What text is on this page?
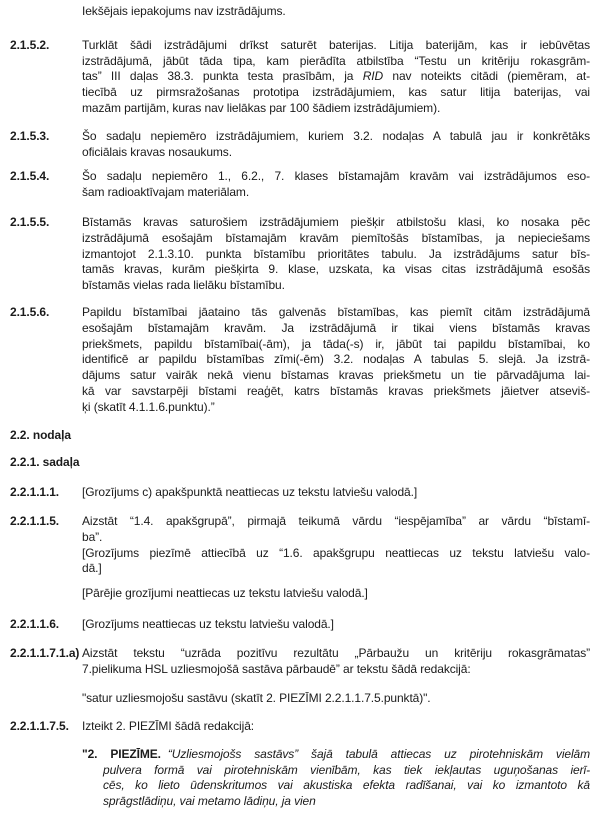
Iekšējais iepakojums nav izstrādājums.
2.1.5.2.	Turklāt šādi izstrādājumi drīkst saturēt baterijas. Litija baterijām, kas ir iebūvētas
izstrādājumā, jābūt tāda tipa, kam pierādīta atbilstība “Testu un kritēriju rokasgrām-
tas” III daļas 38.3. punkta testa prasībām, ja RID nav noteikts citādi (piemēram, at-
tiecībā uz pirmsražošanas prototipa izstrādājumiem, kas satur litija baterijas, vai
mazām partijām, kuras nav lielākas par 100 šādiem izstrādājumiem).
2.1.5.3.	Šo sadaļu nepiemēro izstrādājumiem, kuriem 3.2. nodaļas A tabulā jau ir konkrētāks
oficiālais kravas nosaukums.
2.1.5.4.	Šo sadaļu nepiemēro 1., 6.2., 7. klases bīstamajām kravām vai izstrādājumos eso-
šam radioaktīvajam materiālam.
2.1.5.5.	Bīstamās kravas saturošiem izstrādājumiem piešķir atbilstošu klasi, ko nosaka pēc
izstrādājumā esošajām bīstamajām kravām piemītošās bīstamības, ja nepieciešams
izmantojot 2.1.3.10. punkta bīstamību prioritātes tabulu. Ja izstrādājums satur bīs-
tamās kravas, kurām piešķirta 9. klase, uzskata, ka visas citas izstrādājumā esošās
bīstamās vielas rada lielāku bīstamību.
2.1.5.6.	Papildu bīstamībai jāataino tās galvenās bīstamības, kas piemīt citām izstrādājumā
esošajām bīstamajām kravām. Ja izstrādājumā ir tikai viens bīstamās kravas
priekšmets, papildu bīstamībai(-ām), ja tāda(-s) ir, jābūt tai papildu bīstamībai, ko
identificē ar papildu bīstamības zīmi(-ēm) 3.2. nodaļas A tabulas 5. slejā. Ja izstrā-
dājums satur vairāk nekā vienu bīstamas kravas priekšmetu un tie pārvadājuma lai-
kā var savstarpēji bīstami reaģēt, katrs bīstamās kravas priekšmets jāietver atseviš-
ķi (skatīt 4.1.1.6.punktu).”
2.2. nodaļa
2.2.1. sadaļa
2.2.1.1.1.	[Grozījums c) apakšpunktā neattiecas uz tekstu latviešu valodā.]
2.2.1.1.5.	Aizstāt “1.4. apakšgrupā”, pirmajā teikumā vārdu “iespējamība” ar vārdu “bīstamī-
ba”.
[Grozījums piezīmē attiecībā uz “1.6. apakšgrupu neattiecas uz tekstu latviešu valo-
dā.]
[Pārējie grozījumi neattiecas uz tekstu latviešu valodā.]
2.2.1.1.6.	[Grozījums neattiecas uz tekstu latviešu valodā.]
2.2.1.1.7.1.a) Aizstāt tekstu “uzrāda pozitīvu rezultātu „Pārbaužu un kritēriju rokasgrāmatas”
7.pielikuma HSL uzliesmojošā sastāva pārbaudē” ar tekstu šādā redakcijā:
"satur uzliesmojošu sastāvu (skatīt 2. PIEZĪMI 2.2.1.1.7.5.punktā)".
2.2.1.1.7.5.	Izteikt 2. PIEZĪMI šādā redakcijā:
"2. PIEZĪME. “Uzliesmojošs sastāvs” šajā tabulā attiecas uz pirotehniskām vielām
pulvera formā vai pirotehniskām vienībām, kas tiek iekļautas uguņošanas ierī-
cēs, ko lieto ūdenskritumos vai akustiska efekta radīšanai, vai ko izmantoto kā
sprāgstlādiņu, vai metamo lādiņu, ja vien
